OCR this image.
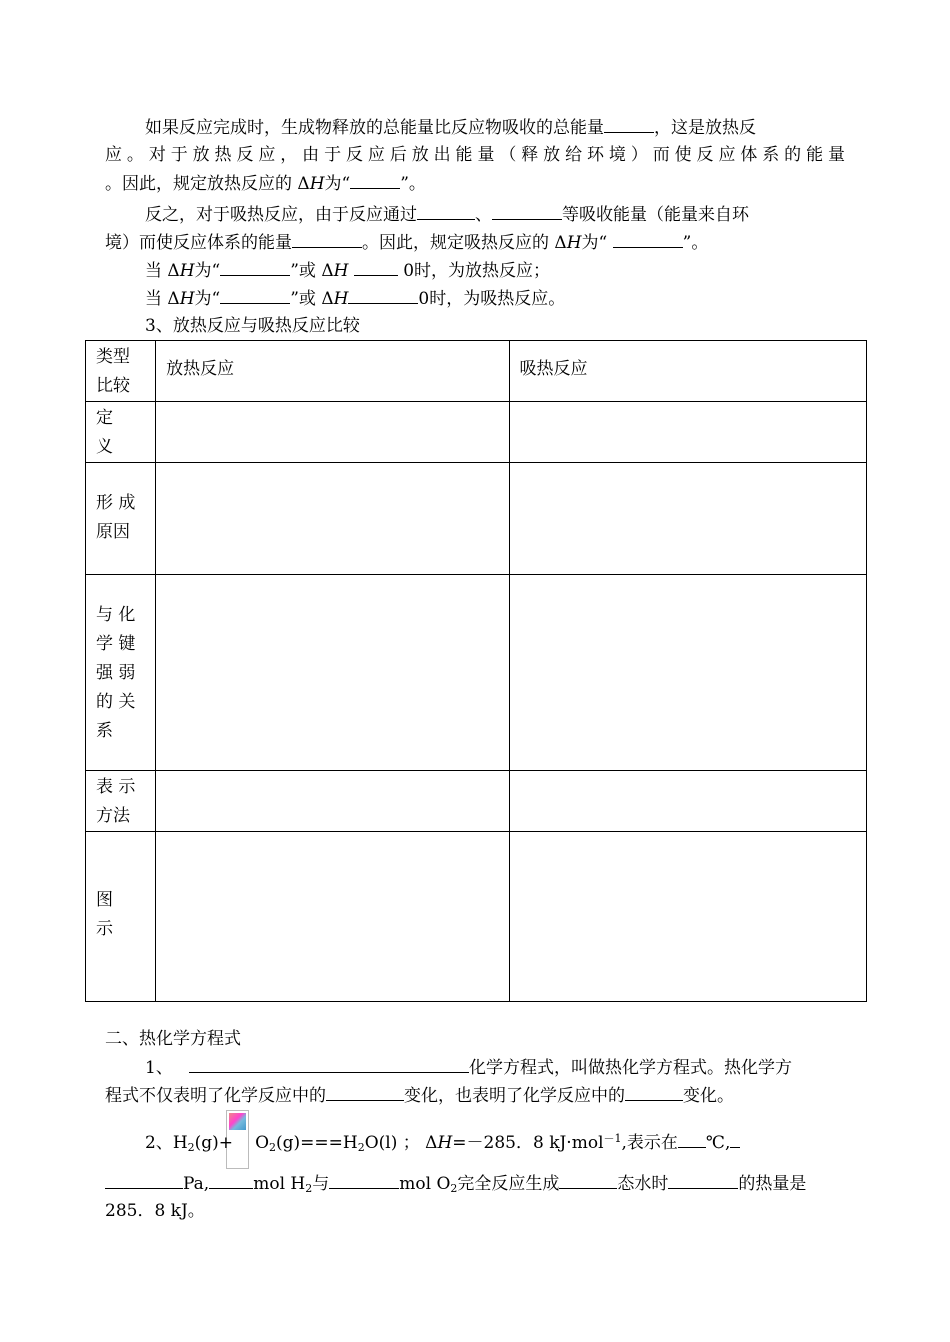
如果反应完成时，生成物释放的总能量比反应物吸收的总能量	，这是放热反
应。对于放热反应，由于反应后放出能量（释放给环境）而使反应体系的能量
。因此，规定放热反应的 ΔH为“	”。
反之，对于吸热反应，由于反应通过	、	等吸收能量（能量来自环
境）而使反应体系的能量	。因此，规定吸热反应的 ΔH为“	”。
当 ΔH为“	”或 ΔH	0时，为放热反应；
当 ΔH为“	”或 ΔH	0时，为吸热反应。
3、放热反应与吸热反应比较
类型
比较	放热反应	吸热反应

定
义		

形 成
原因		

与 化
学 键
强 弱
的 关
系		

表 示
方法		

图
示		

二、热化学方程式
1、	化学方程式，叫做热化学方程式。热化学方
程式不仅表明了化学反应中的	变化，也表明了化学反应中的	变化。
2、$H_2(g)+ O_2(g)===H_2O(l)$ ； ΔH=－285．8 kJ·mol$^{-1}$,表示在 ℃,
Pa,	mol $H_2$与	mol $O_2$完全反应生成	态水时	的热量是
285．8 kJ。
